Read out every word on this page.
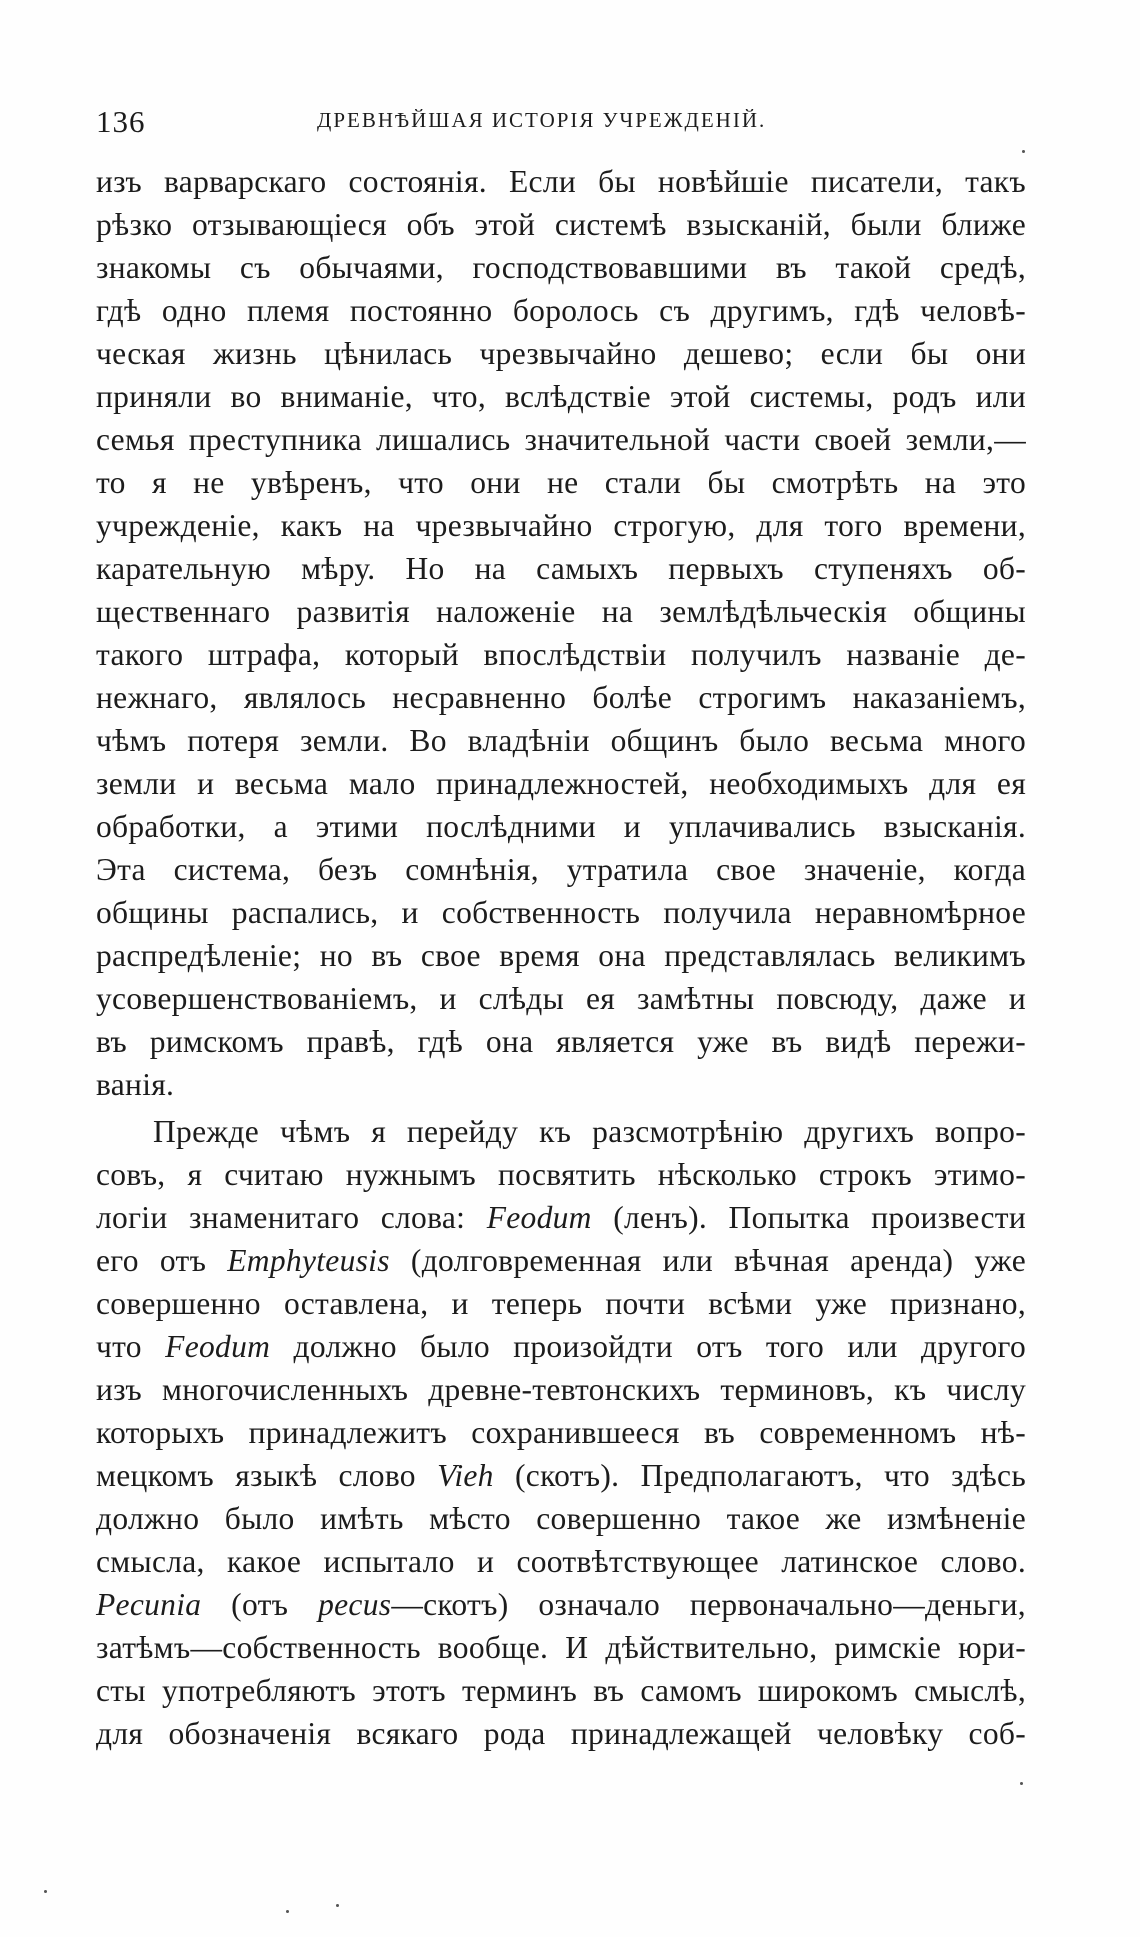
136	ДРЕВНѢЙШАЯ ИСТОРІЯ УЧРЕЖДЕНІЙ.
изъ варварскаго состоянія. Если бы новѣйшіе писатели, такъ
рѣзко отзывающіеся объ этой системѣ взысканій, были ближе
знакомы съ обычаями, господствовавшими въ такой средѣ,
гдѣ одно племя постоянно боролось съ другимъ, гдѣ человѣ-
ческая жизнь цѣнилась чрезвычайно дешево; если бы они
приняли во вниманіе, что, вслѣдствіе этой системы, родъ или
семья преступника лишались значительной части своей земли,—
то я не увѣренъ, что они не стали бы смотрѣть на это
учрежденіе, какъ на чрезвычайно строгую, для того времени,
карательную мѣру. Но на самыхъ первыхъ ступеняхъ об-
щественнаго развитія наложеніе на землѣдѣльческія общины
такого штрафа, который впослѣдствіи получилъ названіе де-
нежнаго, являлось несравненно болѣе строгимъ наказаніемъ,
чѣмъ потеря земли. Во владѣніи общинъ было весьма много
земли и весьма мало принадлежностей, необходимыхъ для ея
обработки, а этими послѣдними и уплачивались взысканія.
Эта система, безъ сомнѣнія, утратила свое значеніе, когда
общины распались, и собственность получила неравномѣрное
распредѣленіе; но въ свое время она представлялась великимъ
усовершенствованіемъ, и слѣды ея замѣтны повсюду, даже и
въ римскомъ правѣ, гдѣ она является уже въ видѣ пережи-
ванія.
Прежде чѣмъ я перейду къ разсмотрѣнію другихъ вопро-
совъ, я считаю нужнымъ посвятить нѣсколько строкъ этимо-
логіи знаменитаго слова: Feodum (ленъ). Попытка произвести
его отъ Emphyteusis (долговременная или вѣчная аренда) уже
совершенно оставлена, и теперь почти всѣми уже признано,
что Feodum должно было произойдти отъ того или другого
изъ многочисленныхъ древне-тевтонскихъ терминовъ, къ числу
которыхъ принадлежитъ сохранившееся въ современномъ нѣ-
мецкомъ языкѣ слово Vieh (скотъ). Предполагаютъ, что здѣсь
должно было имѣть мѣсто совершенно такое же измѣненіе
смысла, какое испытало и соотвѣтствующее латинское слово.
Pecunia (отъ pecus—скотъ) означало первоначально—деньги,
затѣмъ—собственность вообще. И дѣйствительно, римскіе юри-
сты употребляютъ этотъ терминъ въ самомъ широкомъ смыслѣ,
для обозначенія всякаго рода принадлежащей человѣку соб-
